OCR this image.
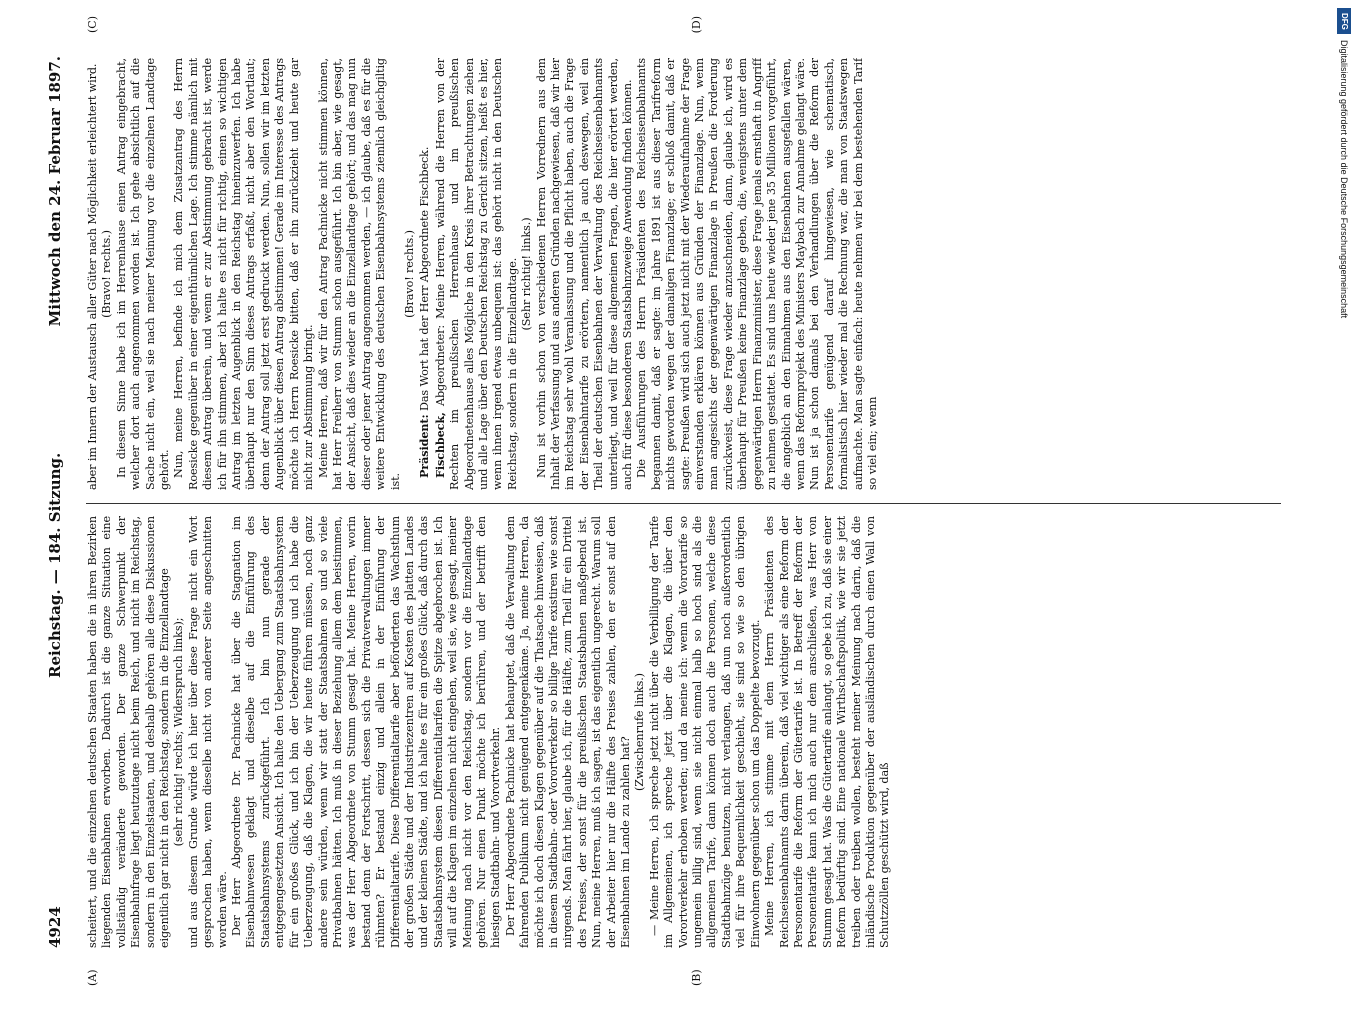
4924
Reichstag. — 184. Sitzung.
Mittwoch den 24. Februar 1897.

scheitert, und die einzelnen deutschen Staaten haben die in ihren Bezirken liegenden Eisenbahnen erworben. Dadurch ist die ganze Situation eine vollständig veränderte geworden. Der ganze Schwerpunkt der Eisenbahnfrage liegt heutzutage nicht beim Reich, und nicht im Reichstag, sondern in den Einzelstaaten, und deshalb gehören alle diese Diskussionen eigentlich gar nicht in den Reichstag, sondern in die Einzellandtage (sehr richtig! rechts; Widerspruch links); und aus diesem Grunde würde ich hier über diese Frage nicht ein Wort gesprochen haben, wenn dieselbe nicht von anderer Seite angeschnitten worden wäre. Der Herr Abgeordnete Dr. Pachnicke hat über die Stagnation im Eisenbahnwesen geklagt und dieselbe auf die Einführung des Staatsbahnsystems zurückgeführt. Ich bin nun gerade der entgegengesetzten Ansicht. Ich halte den Uebergang zum Staatsbahnsystem für ein großes Glück, und ich bin der Ueberzeugung und ich habe die Ueberzeugung, daß die Klagen, die wir heute führen müssen, noch ganz andere sein würden, wenn wir statt der Staatsbahnen so und so viele Privatbahnen hätten. Ich muß in dieser Beziehung allem dem beistimmen, was der Herr Abgeordnete von Stumm gesagt hat. Meine Herren, worin bestand denn der Fortschritt, dessen sich die Privatverwaltungen immer rühmten? Er bestand einzig und allein in der Einführung der Differentialtarife. Diese Differentialtarife aber beförderten das Wachsthum der großen Städte und der Industriezentren auf Kosten des platten Landes und der kleinen Städte, und ich halte es für ein großes Glück, daß durch das Staatsbahnsystem diesen Differentialtarifen die Spitze abgebrochen ist. Ich will auf die Klagen im einzelnen nicht eingehen, weil sie, wie gesagt, meiner Meinung nach nicht vor den Reichstag, sondern vor die Einzellandtage gehören. Nur einen Punkt möchte ich berühren, und der betrifft den hiesigen Stadtbahn- und Vorortverkehr. Der Herr Abgeordnete Pachnicke hat behauptet, daß die Verwaltung dem fahrenden Publikum nicht genügend entgegenkäme. Ja, meine Herren, da möchte ich doch diesen Klagen gegenüber auf die Thatsache hinweisen, daß in diesem Stadtbahn- oder Vorortverkehr so billige Tarife existiren wie sonst nirgends. Man fährt hier, glaube ich, für die Hälfte, zum Theil für ein Drittel des Preises, der sonst für die preußischen Staatsbahnen maßgebend ist. Nun, meine Herren, muß ich sagen, ist das eigentlich ungerecht. Warum soll der Arbeiter hier nur die Hälfte des Preises zahlen, den er sonst auf den Eisenbahnen im Lande zu zahlen hat?

(Zwischenrufe links.) — Meine Herren, ich spreche jetzt nicht über die Verbilligung der Tarife im Allgemeinen, ich spreche jetzt über die Klagen, die über den Vorortverkehr erhoben werden; und da meine ich: wenn die Vorortarife so ungemein billig sind, wenn sie nicht einmal halb so hoch sind als die allgemeinen Tarife, dann können doch auch die Personen, welche diese Stadtbahnzüge benutzen, nicht verlangen, daß nun noch außerordentlich viel für ihre Bequemlichkeit geschieht, sie sind so wie so den übrigen Einwohnern gegenüber schon um das Doppelte bevorzugt. Meine Herren, ich stimme mit dem Herrn Präsidenten des Reichseisenbahnamts darin überein, daß viel wichtiger als eine Reform der Personentarife die Reform der Gütertarife ist. In Betreff der Reform der Personentarife kann ich mich auch nur dem anschließen, was Herr von Stumm gesagt hat. Was die Gütertarife anlangt, so gebe ich zu, daß sie einer Reform bedürftig sind. Eine nationale Wirthschaftspolitik, wie wir sie jetzt treiben oder treiben wollen, besteht meiner Meinung nach darin, daß die inländische Produktion gegenüber der ausländischen durch einen Wall von Schutzzöllen geschützt wird, daß

aber im Innern der Austausch aller Güter nach Möglichkeit erleichtert wird. (Bravo! rechts.) In diesem Sinne habe ich im Herrenhause einen Antrag eingebracht, welcher dort auch angenommen worden ist. Ich gehe absichtlich auf die Sache nicht ein, weil sie nach meiner Meinung vor die einzelnen Landtage gehört. Nun, meine Herren, befinde ich mich dem Zusatzantrag des Herrn Roesicke gegenüber in einer eigenthümlichen Lage. Ich stimme nämlich mit diesem Antrag überein, und wenn er zur Abstimmung gebracht ist, werde ich für ihn stimmen, aber ich halte es nicht für richtig, einen so wichtigen Antrag im letzten Augenblick in den Reichstag hineinzuwerfen. Ich habe überhaupt nur den Sinn dieses Antrags erfaßt, nicht aber den Wortlaut; denn der Antrag soll jetzt erst gedruckt werden. Nun, sollen wir im letzten Augenblick über diesen Antrag abstimmen! Gerade im Interesse des Antrags möchte ich Herrn Roesicke bitten, daß er ihn zurückzieht und heute gar nicht zur Abstimmung bringt. Meine Herren, daß wir für den Antrag Pachnicke nicht stimmen können, hat Herr Freiherr von Stumm schon ausgeführt. Ich bin aber, wie gesagt, der Ansicht, daß dies wieder an die Einzellandtage gehört; und das mag nun dieser oder jener Antrag angenommen werden, — ich glaube, daß es für die weitere Entwicklung des deutschen Eisenbahnsystems ziemlich gleichgiltig ist.

(Bravo! rechts.)

Präsident: Das Wort hat der Herr Abgeordnete Fischbeck.

Fischbeck, Abgeordneter: Meine Herren, während die Herren von der Rechten im preußischen Herrenhause und im preußischen Abgeordnetenhause alles Mögliche in den Kreis ihrer Betrachtungen ziehen und alle Lage über den Deutschen Reichstag zu Gericht sitzen, heißt es hier, wenn ihnen irgend etwas unbequem ist: das gehört nicht in den Deutschen Reichstag, sondern in die Einzellandtage. (Sehr richtig! links.) Nun ist vorhin schon von verschiedenen Herren Vorrednern aus dem Inhalt der Verfassung und aus anderen Gründen nachgewiesen, daß wir hier im Reichstag sehr wohl Veranlassung und die Pflicht haben, auch die Frage der Eisenbahntarife zu erörtern, namentlich ja auch deswegen, weil ein Theil der deutschen Eisenbahnen der Verwaltung des Reichseisenbahnamts unterliegt, und weil für diese allgemeinen Fragen, die hier erörtert werden, auch für diese besonderen Staatsbahnzweige Anwendung finden können. Die Ausführungen des Herrn Präsidenten des Reichseisenbahnamts begannen damit, daß er sagte: im Jahre 1891 ist aus dieser Tarifreform nichts geworden wegen der damaligen Finanzlage; er schloß damit, daß er sagte: Preußen wird sich auch jetzt nicht mit der Wiederaufnahme der Frage einverstanden erklären können aus Gründen der Finanzlage. Nun, wenn man angesichts der gegenwärtigen Finanzlage in Preußen die Forderung zurückweist, diese Frage wieder anzuschneiden, dann, glaube ich, wird es überhaupt für Preußen keine Finanzlage geben, die, wenigstens unter dem gegenwärtigen Herrn Finanzminister, diese Frage jemals ernsthaft in Angriff zu nehmen gestattet. Es sind uns heute wieder jene 35 Millionen vorgeführt, die angeblich an den Einnahmen aus den Eisenbahnen ausgefallen wären, wenn das Reformprojekt des Ministers Maybach zur Annahme gelangt wäre. Nun ist ja schon damals bei den Verhandlungen über die Reform der Personentarife genügend darauf hingewiesen, wie schematisch, formalistisch hier wieder mal die Rechnung war, die man von Staatswegen aufmachte. Man sagte einfach: heute nehmen wir bei dem bestehenden Tarif so viel ein; wenn

(A)	(B)
(C)	(D)	DFG
Digitalisierung gefördert durch die Deutsche Forschungsgemeinschaft
